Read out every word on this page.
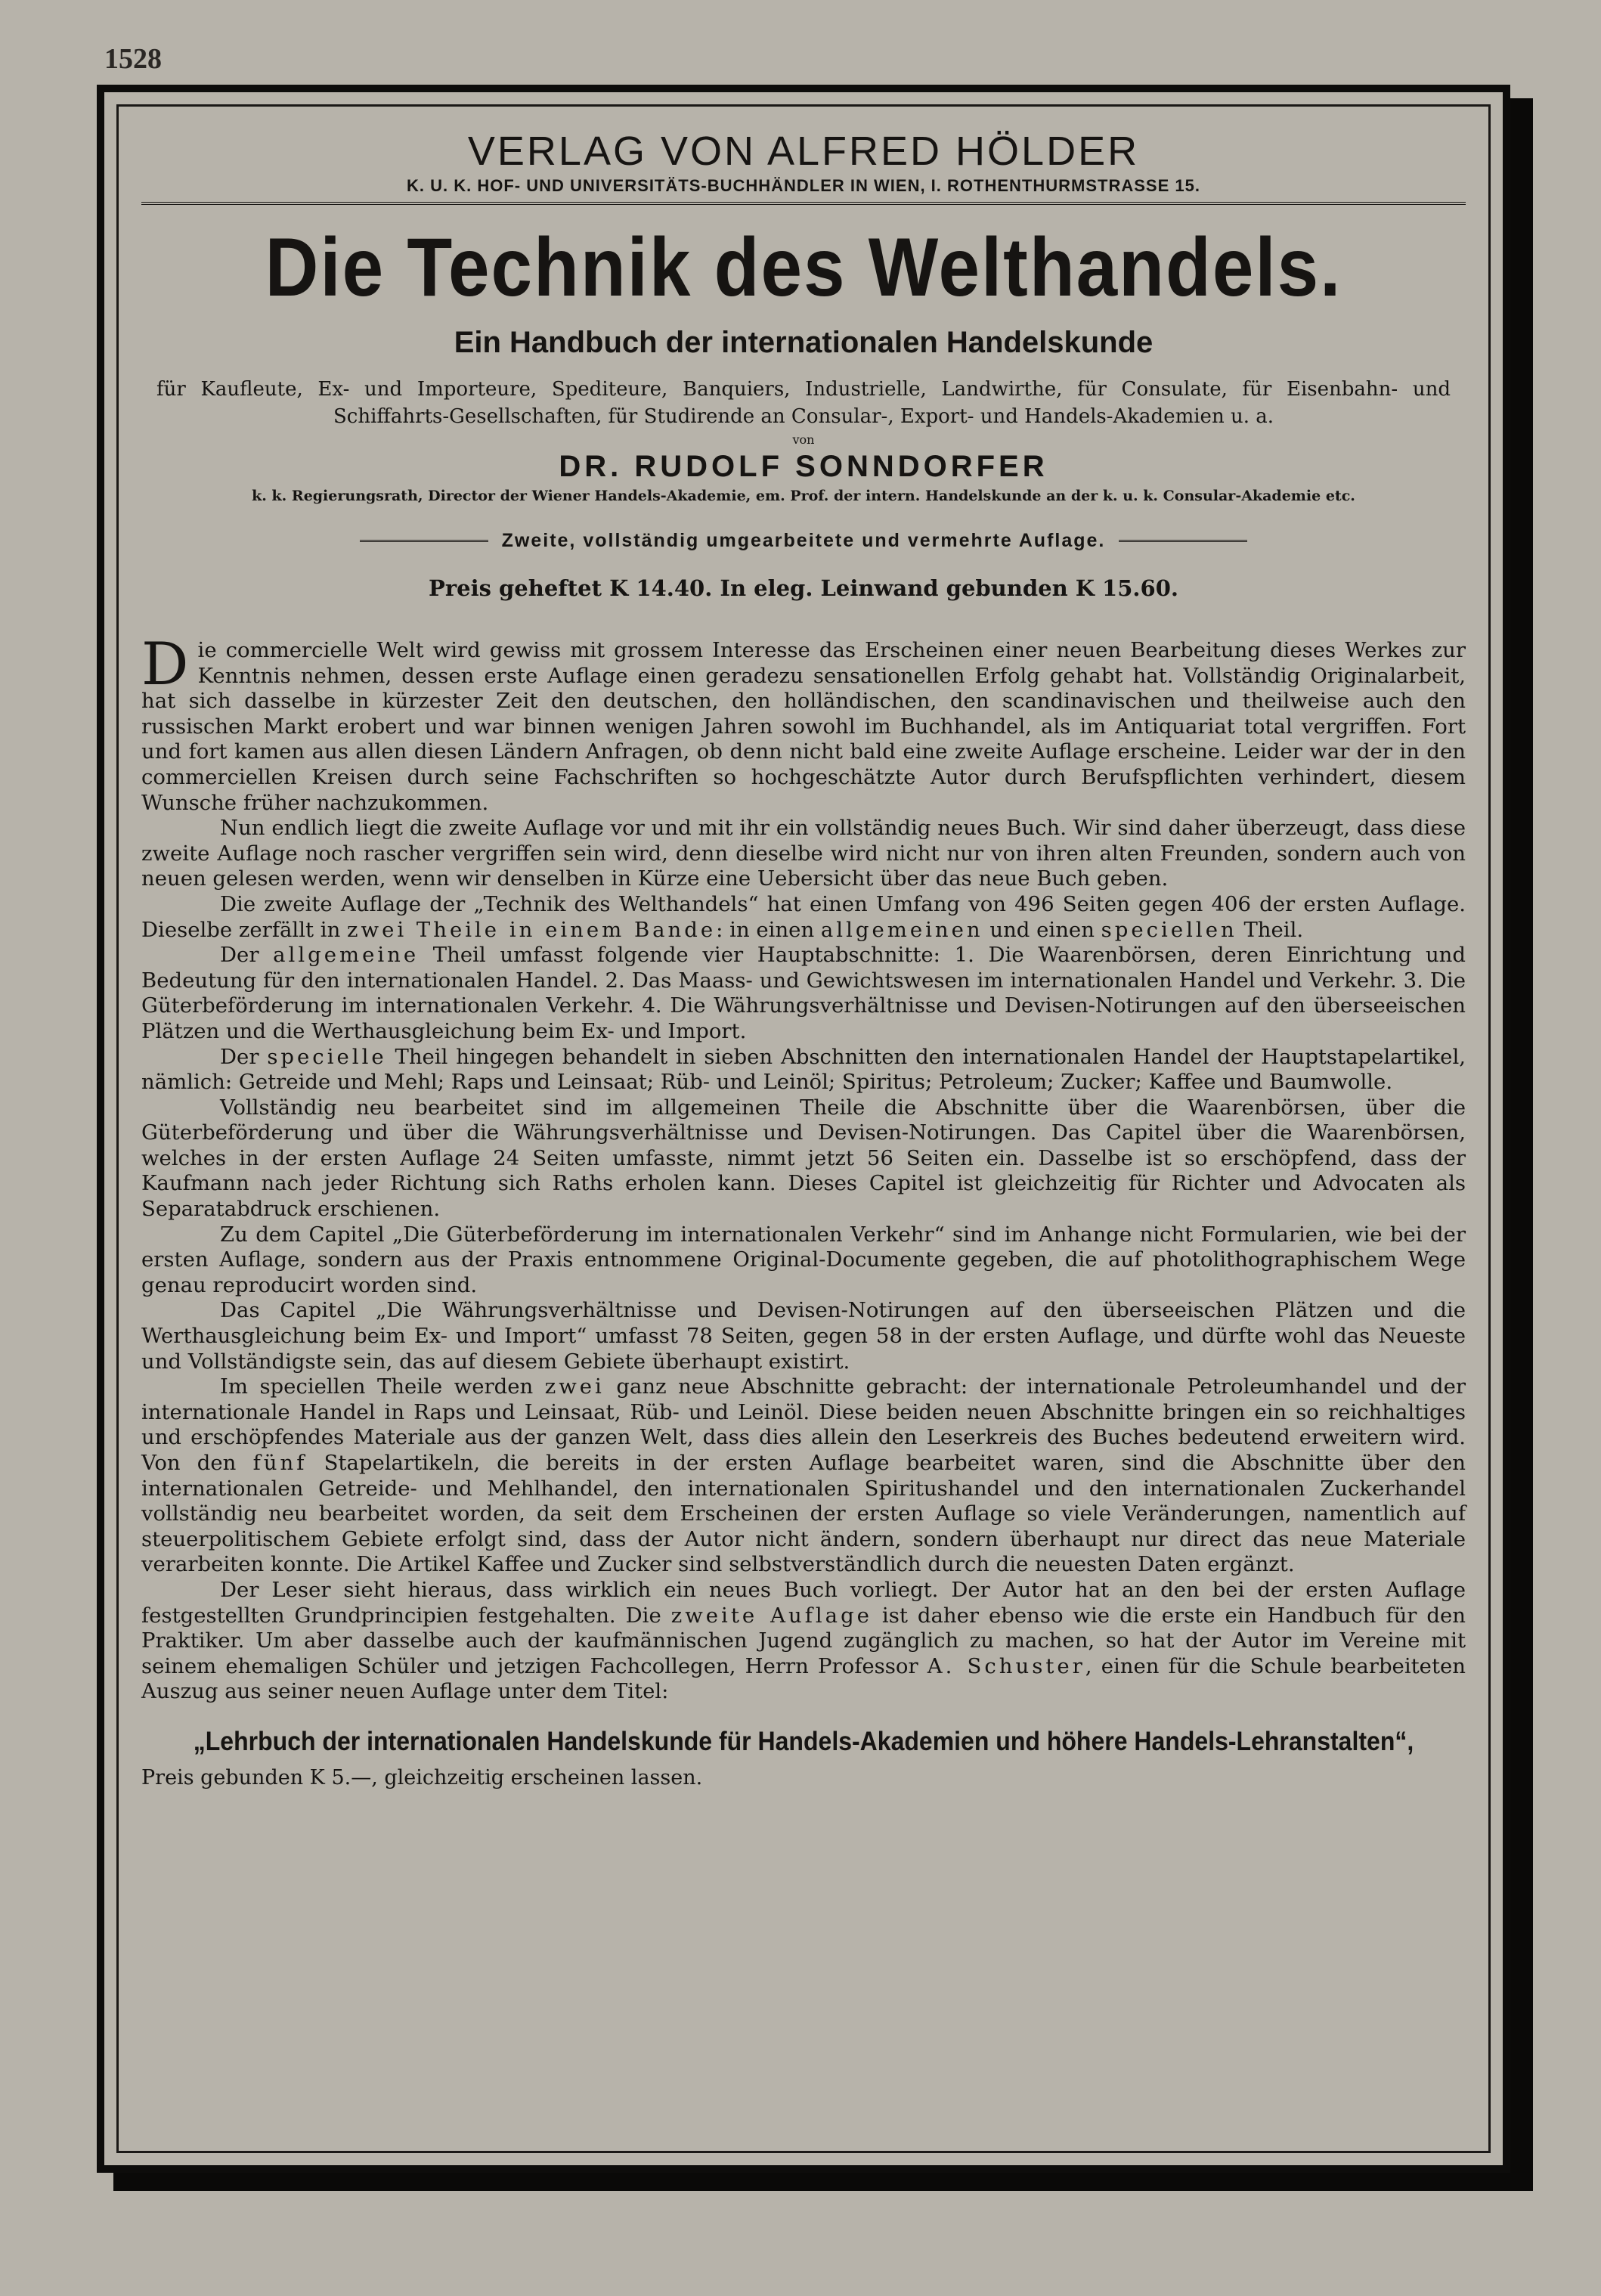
1528
VERLAG VON ALFRED HÖLDER
K. U. K. HOF- UND UNIVERSITÄTS-BUCHHÄNDLER IN WIEN, I. ROTHENTHURMSTRASSE 15.
Die Technik des Welthandels.
Ein Handbuch der internationalen Handelskunde
für Kaufleute, Ex- und Importeure, Spediteure, Banquiers, Industrielle, Landwirthe, für Consulate, für Eisenbahn- und Schiffahrts-Gesellschaften, für Studirende an Consular-, Export- und Handels-Akademien u. a.
von
DR. RUDOLF SONNDORFER
k. k. Regierungsrath, Director der Wiener Handels-Akademie, em. Prof. der intern. Handelskunde an der k. u. k. Consular-Akademie etc.
Zweite, vollständig umgearbeitete und vermehrte Auflage.
Preis geheftet K 14.40. In eleg. Leinwand gebunden K 15.60.

Die commercielle Welt wird gewiss mit grossem Interesse das Erscheinen einer neuen Bearbeitung dieses Werkes zur Kenntnis nehmen, dessen erste Auflage einen geradezu sensationellen Erfolg gehabt hat. Vollständig Originalarbeit, hat sich dasselbe in kürzester Zeit den deutschen, den holländischen, den scandinavischen und theilweise auch den russischen Markt erobert und war binnen wenigen Jahren sowohl im Buchhandel, als im Antiquariat total vergriffen. Fort und fort kamen aus allen diesen Ländern Anfragen, ob denn nicht bald eine zweite Auflage erscheine. Leider war der in den commerciellen Kreisen durch seine Fachschriften so hochgeschätzte Autor durch Berufspflichten verhindert, diesem Wunsche früher nachzukommen.

Nun endlich liegt die zweite Auflage vor und mit ihr ein vollständig neues Buch. Wir sind daher überzeugt, dass diese zweite Auflage noch rascher vergriffen sein wird, denn dieselbe wird nicht nur von ihren alten Freunden, sondern auch von neuen gelesen werden, wenn wir denselben in Kürze eine Uebersicht über das neue Buch geben.

Die zweite Auflage der „Technik des Welthandels“ hat einen Umfang von 496 Seiten gegen 406 der ersten Auflage. Dieselbe zerfällt in zwei Theile in einem Bande: in einen allgemeinen und einen speciellen Theil.

Der allgemeine Theil umfasst folgende vier Hauptabschnitte: 1. Die Waarenbörsen, deren Einrichtung und Bedeutung für den internationalen Handel. 2. Das Maass- und Gewichtswesen im internationalen Handel und Verkehr. 3. Die Güterbeförderung im internationalen Verkehr. 4. Die Währungsverhältnisse und Devisen-Notirungen auf den überseeischen Plätzen und die Werthausgleichung beim Ex- und Import.

Der specielle Theil hingegen behandelt in sieben Abschnitten den internationalen Handel der Hauptstapelartikel, nämlich: Getreide und Mehl; Raps und Leinsaat; Rüb- und Leinöl; Spiritus; Petroleum; Zucker; Kaffee und Baumwolle.

Vollständig neu bearbeitet sind im allgemeinen Theile die Abschnitte über die Waarenbörsen, über die Güterbeförderung und über die Währungsverhältnisse und Devisen-Notirungen. Das Capitel über die Waarenbörsen, welches in der ersten Auflage 24 Seiten umfasste, nimmt jetzt 56 Seiten ein. Dasselbe ist so erschöpfend, dass der Kaufmann nach jeder Richtung sich Raths erholen kann. Dieses Capitel ist gleichzeitig für Richter und Advocaten als Separatabdruck erschienen.

Zu dem Capitel „Die Güterbeförderung im internationalen Verkehr“ sind im Anhange nicht Formularien, wie bei der ersten Auflage, sondern aus der Praxis entnommene Original-Documente gegeben, die auf photolithographischem Wege genau reproducirt worden sind.

Das Capitel „Die Währungsverhältnisse und Devisen-Notirungen auf den überseeischen Plätzen und die Werthausgleichung beim Ex- und Import“ umfasst 78 Seiten, gegen 58 in der ersten Auflage, und dürfte wohl das Neueste und Vollständigste sein, das auf diesem Gebiete überhaupt existirt.

Im speciellen Theile werden zwei ganz neue Abschnitte gebracht: der internationale Petroleumhandel und der internationale Handel in Raps und Leinsaat, Rüb- und Leinöl. Diese beiden neuen Abschnitte bringen ein so reichhaltiges und erschöpfendes Materiale aus der ganzen Welt, dass dies allein den Leserkreis des Buches bedeutend erweitern wird. Von den fünf Stapelartikeln, die bereits in der ersten Auflage bearbeitet waren, sind die Abschnitte über den internationalen Getreide- und Mehlhandel, den internationalen Spiritushandel und den internationalen Zuckerhandel vollständig neu bearbeitet worden, da seit dem Erscheinen der ersten Auflage so viele Veränderungen, namentlich auf steuerpolitischem Gebiete erfolgt sind, dass der Autor nicht ändern, sondern überhaupt nur direct das neue Materiale verarbeiten konnte. Die Artikel Kaffee und Zucker sind selbstverständlich durch die neuesten Daten ergänzt.

Der Leser sieht hieraus, dass wirklich ein neues Buch vorliegt. Der Autor hat an den bei der ersten Auflage festgestellten Grundprincipien festgehalten. Die zweite Auflage ist daher ebenso wie die erste ein Handbuch für den Praktiker. Um aber dasselbe auch der kaufmännischen Jugend zugänglich zu machen, so hat der Autor im Vereine mit seinem ehemaligen Schüler und jetzigen Fachcollegen, Herrn Professor A. Schuster, einen für die Schule bearbeiteten Auszug aus seiner neuen Auflage unter dem Titel:

„Lehrbuch der internationalen Handelskunde für Handels-Akademien und höhere Handels-Lehranstalten“,
Preis gebunden K 5.—, gleichzeitig erscheinen lassen.
